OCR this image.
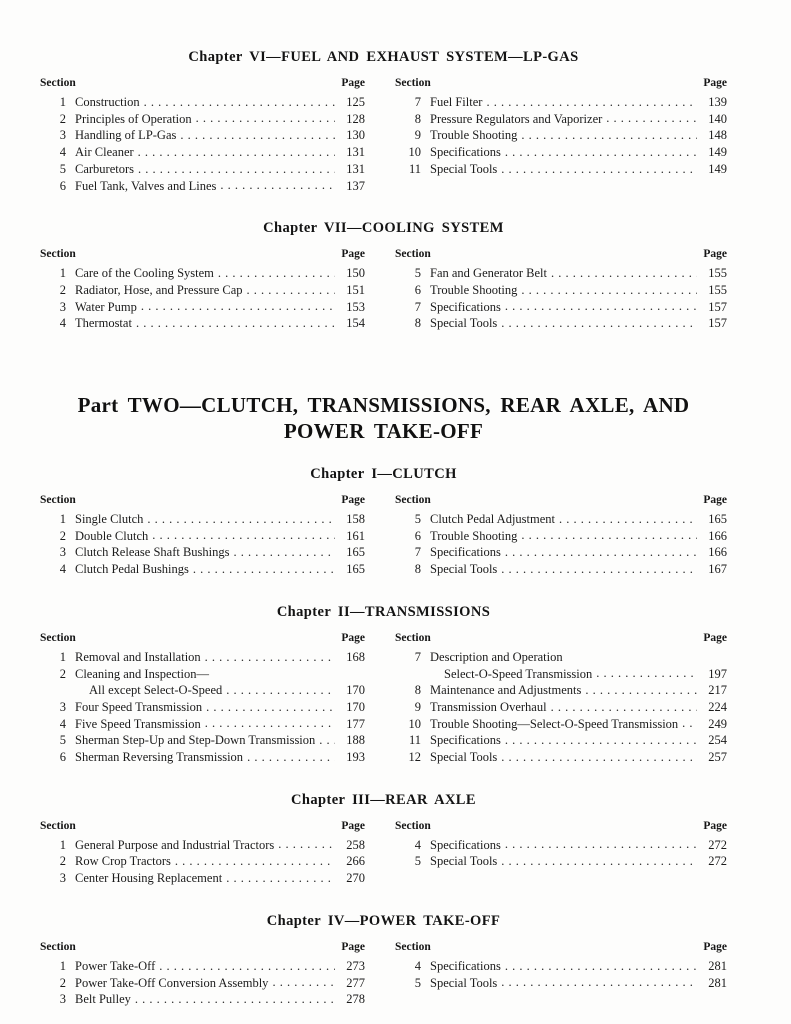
Chapter VI—FUEL AND EXHAUST SYSTEM—LP-GAS
Section	Page
1 Construction . . .	125
2 Principles of Operation . . .	128
3 Handling of LP-Gas . . .	130
4 Air Cleaner . . .	131
5 Carburetors . . .	131
6 Fuel Tank, Valves and Lines . . .	137
Section	Page
7 Fuel Filter . . .	139
8 Pressure Regulators and Vaporizer . . .	140
9 Trouble Shooting . . .	148
10 Specifications . . .	149
11 Special Tools . . .	149
Chapter VII—COOLING SYSTEM
Section	Page
1 Care of the Cooling System . . .	150
2 Radiator, Hose, and Pressure Cap . . .	151
3 Water Pump . . .	153
4 Thermostat . . .	154
Section	Page
5 Fan and Generator Belt . . .	155
6 Trouble Shooting . . .	155
7 Specifications . . .	157
8 Special Tools . . .	157
Part TWO—CLUTCH, TRANSMISSIONS, REAR AXLE, AND
POWER TAKE-OFF
Chapter I—CLUTCH
Section	Page
1 Single Clutch . . .	158
2 Double Clutch . . .	161
3 Clutch Release Shaft Bushings . . .	165
4 Clutch Pedal Bushings . . .	165
Section	Page
5 Clutch Pedal Adjustment . . .	165
6 Trouble Shooting . . .	166
7 Specifications . . .	166
8 Special Tools . . .	167
Chapter II—TRANSMISSIONS
Section	Page
1 Removal and Installation . . .	168
2 Cleaning and Inspection—
All except Select-O-Speed . . .	170
3 Four Speed Transmission . . .	170
4 Five Speed Transmission . . .	177
5 Sherman Step-Up and Step-Down Transmission . . .	188
6 Sherman Reversing Transmission . . .	193
Section	Page
7 Description and Operation
Select-O-Speed Transmission . . .	197
8 Maintenance and Adjustments . . .	217
9 Transmission Overhaul . . .	224
10 Trouble Shooting—Select-O-Speed Transmission . . .	249
11 Specifications . . .	254
12 Special Tools . . .	257
Chapter III—REAR AXLE
Section	Page
1 General Purpose and Industrial Tractors . . .	258
2 Row Crop Tractors . . .	266
3 Center Housing Replacement . . .	270
Section	Page
4 Specifications . . .	272
5 Special Tools . . .	272
Chapter IV—POWER TAKE-OFF
Section	Page
1 Power Take-Off . . .	273
2 Power Take-Off Conversion Assembly . . .	277
3 Belt Pulley . . .	278
Section	Page
4 Specifications . . .	281
5 Special Tools . . .	281
